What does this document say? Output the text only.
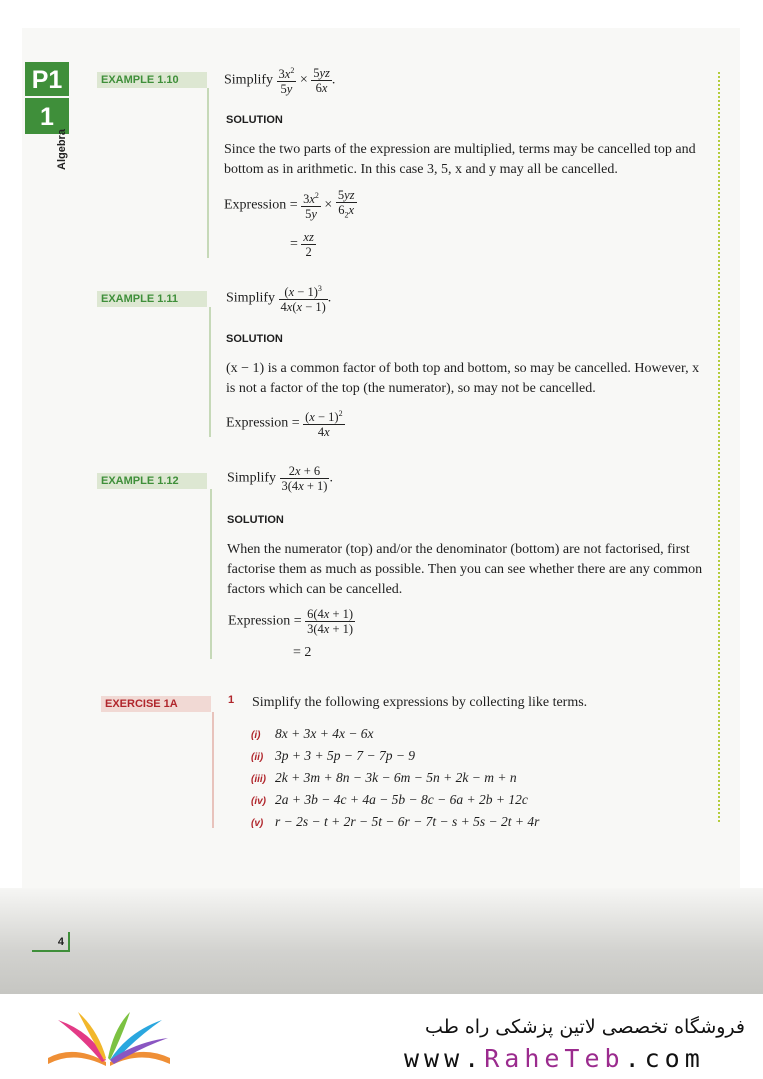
P1
1
Algebra
EXAMPLE 1.10	Simplify $\frac{3x^2}{5y} \times \frac{5yz}{6x}$ .
SOLUTION
Since the two parts of the expression are multiplied, terms may be cancelled top and bottom as in arithmetic. In this case 3, 5, x and y may all be cancelled.
Expression = $\frac{3x^2}{5y} \times \frac{5yz}{6_2x}$
= $\frac{xz}{2}$
EXAMPLE 1.11	Simplify $\frac{(x - 1)^3}{4x(x - 1)}$ .
SOLUTION
(x − 1) is a common factor of both top and bottom, so may be cancelled. However, x is not a factor of the top (the numerator), so may not be cancelled.
Expression = $\frac{(x - 1)^2}{4x}$
EXAMPLE 1.12	Simplify $\frac{2x + 6}{3(4x + 1)}$ .
SOLUTION
When the numerator (top) and/or the denominator (bottom) are not factorised, first factorise them as much as possible. Then you can see whether there are any common factors which can be cancelled.
Expression = $\frac{6(4x + 1)}{3(4x + 1)}$
= 2
EXERCISE 1A	1 Simplify the following expressions by collecting like terms.
(i) 8x + 3x + 4x − 6x
(ii) 3p + 3 + 5p − 7 − 7p − 9
(iii) 2k + 3m + 8n − 3k − 6m − 5n + 2k − m + n
(iv) 2a + 3b − 4c + 4a − 5b − 8c − 6a + 2b + 12c
(v) r − 2s − t + 2r − 5t − 6r − 7t − s + 5s − 2t + 4r
4
فروشگاه تخصصی لاتین پزشکی راه طب
www.RaheTeb.com
